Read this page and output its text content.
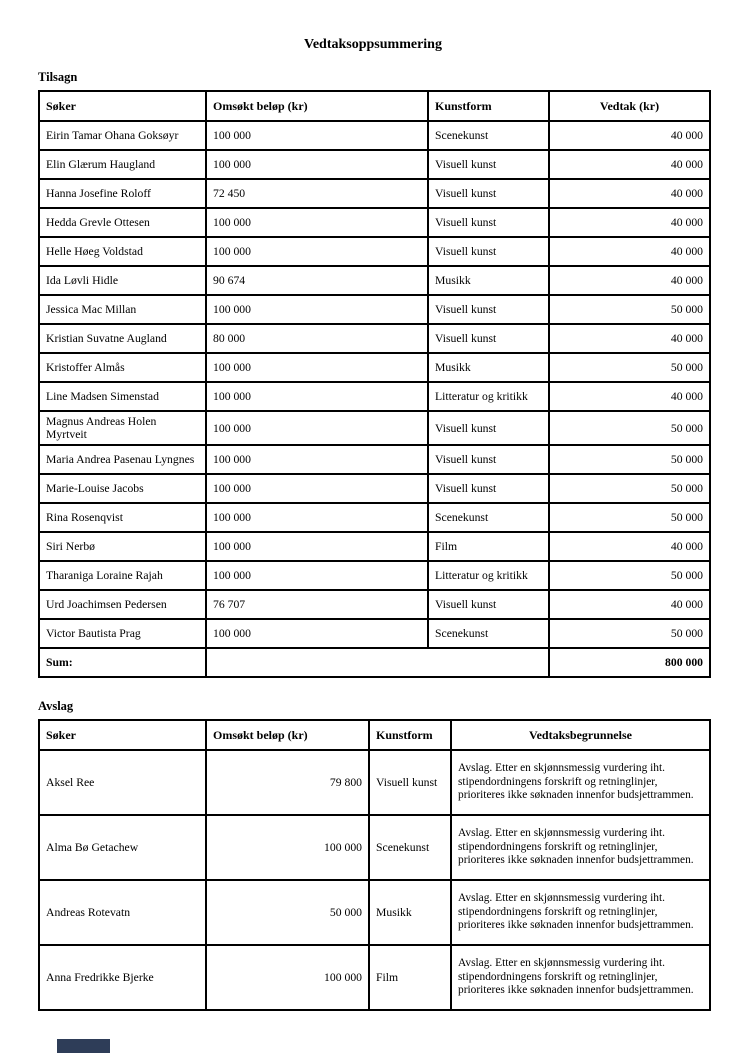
Vedtaksoppsummering
Tilsagn
Søker	Omsøkt beløp (kr)	Kunstform	Vedtak (kr)
Eirin Tamar Ohana Goksøyr	100 000	Scenekunst	40 000
Elin Glærum Haugland	100 000	Visuell kunst	40 000
Hanna Josefine Roloff	72 450	Visuell kunst	40 000
Hedda Grevle Ottesen	100 000	Visuell kunst	40 000
Helle Høeg Voldstad	100 000	Visuell kunst	40 000
Ida Løvli Hidle	90 674	Musikk	40 000
Jessica Mac Millan	100 000	Visuell kunst	50 000
Kristian Suvatne Augland	80 000	Visuell kunst	40 000
Kristoffer Almås	100 000	Musikk	50 000
Line Madsen Simenstad	100 000	Litteratur og kritikk	40 000
Magnus Andreas Holen Myrtveit	100 000	Visuell kunst	50 000
Maria Andrea Pasenau Lyngnes	100 000	Visuell kunst	50 000
Marie-Louise Jacobs	100 000	Visuell kunst	50 000
Rina Rosenqvist	100 000	Scenekunst	50 000
Siri Nerbø	100 000	Film	40 000
Tharaniga Loraine Rajah	100 000	Litteratur og kritikk	50 000
Urd Joachimsen Pedersen	76 707	Visuell kunst	40 000
Victor Bautista Prag	100 000	Scenekunst	50 000
Sum:			800 000
Avslag
Søker	Omsøkt beløp (kr)	Kunstform	Vedtaksbegrunnelse
Aksel Ree	79 800	Visuell kunst	Avslag. Etter en skjønnsmessig vurdering iht. stipendordningens forskrift og retninglinjer, prioriteres ikke søknaden innenfor budsjettrammen.
Alma Bø Getachew	100 000	Scenekunst	Avslag. Etter en skjønnsmessig vurdering iht. stipendordningens forskrift og retninglinjer, prioriteres ikke søknaden innenfor budsjettrammen.
Andreas Rotevatn	50 000	Musikk	Avslag. Etter en skjønnsmessig vurdering iht. stipendordningens forskrift og retninglinjer, prioriteres ikke søknaden innenfor budsjettrammen.
Anna Fredrikke Bjerke	100 000	Film	Avslag. Etter en skjønnsmessig vurdering iht. stipendordningens forskrift og retninglinjer, prioriteres ikke søknaden innenfor budsjettrammen.
